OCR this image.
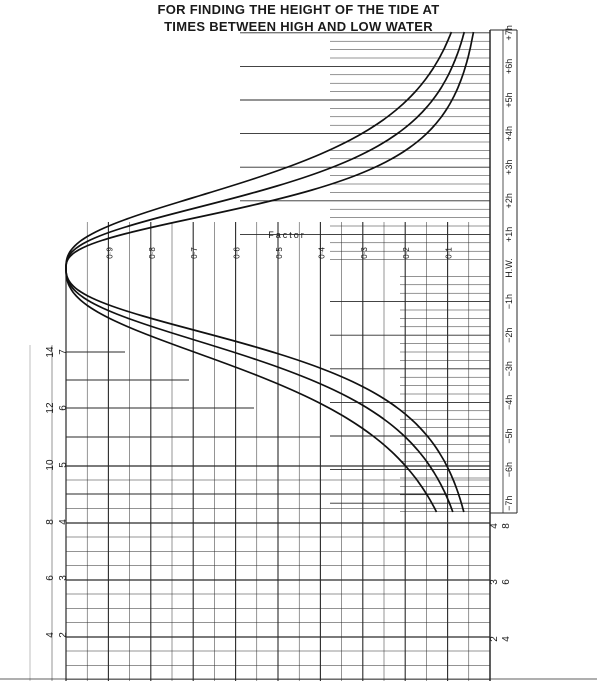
FOR FINDING THE HEIGHT OF THE TIDE AT
TIMES BETWEEN HIGH AND LOW WATER
Factor
0·9	0·8	0·7	0·6	0·5	0·4	0·3	0·2	0·1
+7h
+6h
+5h
+4h
+3h
+2h
+1h
H.W.
−1h
−2h
−3h
−4h
−5h
−6h
−7h
14
12
10
8
6
4
7
6
5
4
3
2
8
6
4
4
3
2
